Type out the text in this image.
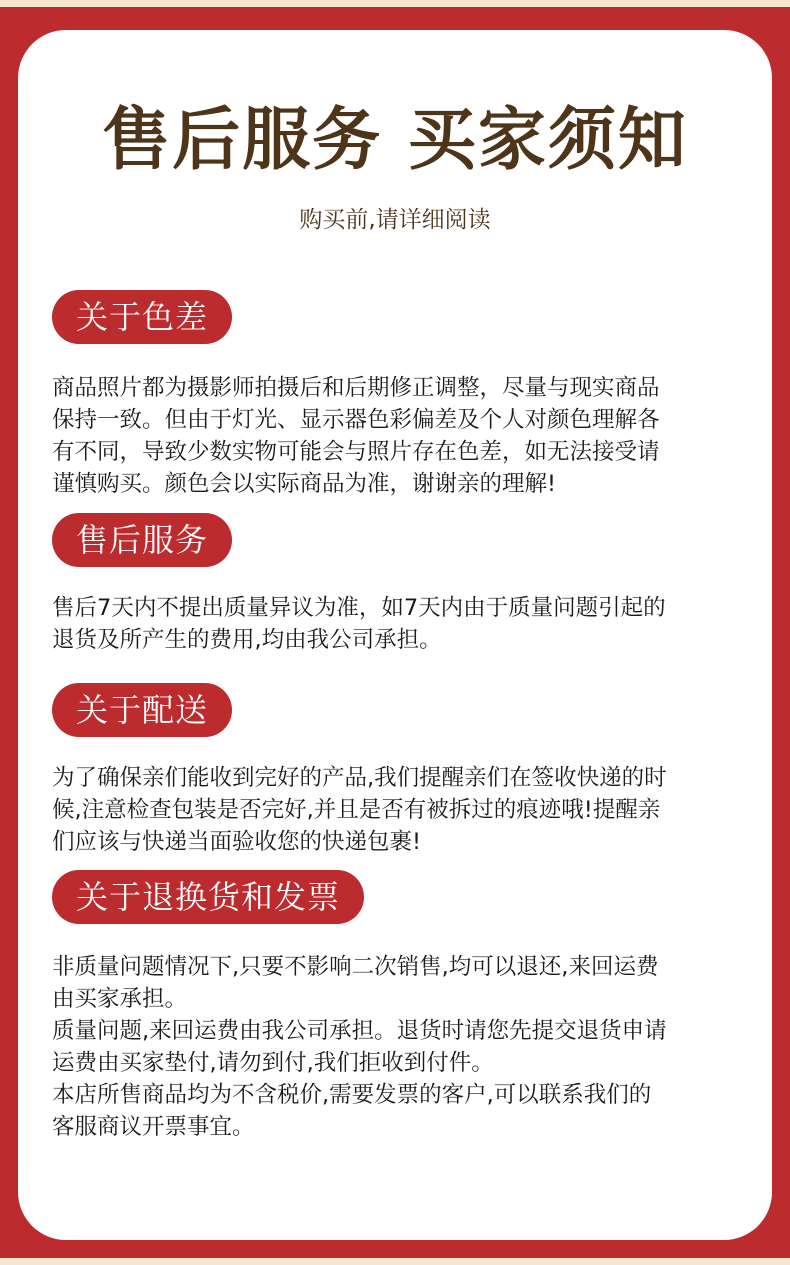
售后服务 买家须知

购买前,请详细阅读

关于色差
商品照片都为摄影师拍摄后和后期修正调整，尽量与现实商品
保持一致。但由于灯光、显示器色彩偏差及个人对颜色理解各
有不同，导致少数实物可能会与照片存在色差，如无法接受请
谨慎购买。颜色会以实际商品为准，谢谢亲的理解!
售后服务
售后7天内不提出质量异议为准，如7天内由于质量问题引起的
退货及所产生的费用,均由我公司承担。
关于配送
为了确保亲们能收到完好的产品,我们提醒亲们在签收快递的时
候,注意检查包装是否完好,并且是否有被拆过的痕迹哦!提醒亲
们应该与快递当面验收您的快递包裹!
关于退换货和发票
非质量问题情况下,只要不影响二次销售,均可以退还,来回运费
由买家承担。
质量问题,来回运费由我公司承担。退货时请您先提交退货申请
运费由买家垫付,请勿到付,我们拒收到付件。
本店所售商品均为不含税价,需要发票的客户,可以联系我们的
客服商议开票事宜。
